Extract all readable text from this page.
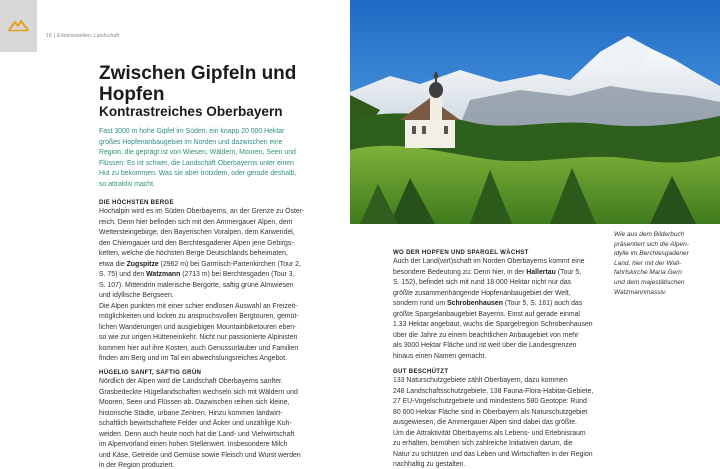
16 | Erlebniswelten: Landschaft
Zwischen Gipfeln und
Hopfen
Kontrastreiches Oberbayern
Fast 3000 m hohe Gipfel im Süden, ein knapp 20 000 Hektar
großes Hopfenanbaugebiet im Norden und dazwischen eine
Region, die geprägt ist von Wiesen, Wäldern, Mooren, Seen und
Flüssen: Es ist schwer, die Landschaft Oberbayerns unter einen
Hut zu bekommen. Was sie aber trotzdem, oder gerade deshalb,
so attraktiv macht.
DIE HÖCHSTEN BERGE
Hochalpin wird es im Süden Oberbayerns, an der Grenze zu Öster-
reich. Denn hier befinden sich mit den Ammergauer Alpen, dem
Wettersteingebirge, den Bayerischen Voralpen, dem Karwendel,
den Chiemgauer und den Berchtesgadener Alpen jene Gebirgs-
ketten, welche die höchsten Berge Deutschlands beheimaten,
etwa die Zugspitze (2962 m) bei Garmisch-Partenkirchen (Tour 2,
S. 75) und den Watzmann (2713 m) bei Berchtesgaden (Tour 3,
S. 107). Mittendrin malerische Bergorte, saftig grüne Almwiesen
und idyllische Bergseen.
Die Alpen punkten mit einer schier endlosen Auswahl an Freizeit-
möglichkeiten und locken zu anspruchsvollen Bergtouren, gemüt-
lichen Wanderungen und ausgiebigen Mountainbiketouren eben-
so wie zur urigen Hütteneinkehr. Nicht nur passionierte Alpinisten
kommen hier auf ihre Kosten, auch Genussurlauber und Familien
finden am Berg und im Tal ein abwechslungsreiches Angebot.
HÜGELIG SANFT, SAFTIG GRÜN
Nördlich der Alpen wird die Landschaft Oberbayerns sanfter.
Grasbedeckte Hügellandschaften wechseln sich mit Wäldern und
Mooren, Seen und Flüssen ab. Dazwischen reihen sich kleine,
historische Städte, urbane Zentren. Hinzu kommen landwirt-
schaftlich bewirtschaftete Felder und Äcker und unzählige Kuh-
weiden. Denn auch heute noch hat die Land- und Viehwirtschaft
im Alpenvorland einen hohen Stellenwert. Insbesondere Milch
und Käse, Getreide und Gemüse sowie Fleisch und Wurst werden
in der Region produziert.
Wie aus dem Bilderbuch
präsentiert sich die Alpen-
idylle im Berchtesgadener
Land, hier mit der Wall-
fahrtskirche Maria Gern
und dem majestätischen
Watzmannmassiv.
WO DER HOPFEN UND SPARGEL WÄCHST
Auch der Land(wirt)schaft im Norden Oberbayerns kommt eine
besondere Bedeutung zu: Denn hier, in der Hallertau (Tour 5,
S. 152), befindet sich mit rund 18 000 Hektar nicht nur das
größte zusammenhängende Hopfenanbaugebiet der Welt,
sondern rund um Schrobenhausen (Tour 5, S. 161) auch das
größte Spargelanbaugebiet Bayerns. Einst auf gerade einmal
1,33 Hektar angebaut, wuchs die Spargelregion Schrobenhausen
über die Jahre zu einem beachtlichen Anbaugebiet von mehr
als 3000 Hektar Fläche und ist weit über die Landesgrenzen
hinaus einen Namen gemacht.
GUT BESCHÜTZT
133 Naturschutzgebiete zählt Oberbayern, dazu kommen
248 Landschaftsschutzgebiete, 138 Fauna-Flora-Habitat-Gebiete,
27 EU-Vogelschutzgebiete und mindestens 580 Geotope: Rund
80 000 Hektar Fläche sind in Oberbayern als Naturschutzgebiet
ausgewiesen, die Ammergauer Alpen sind dabei das größte.
Um die Attraktivität Oberbayerns als Lebens- und Erlebnisraum
zu erhalten, bemühen sich zahlreiche Initiativen darum, die
Natur zu schützen und das Leben und Wirtschaften in der Region
nachhaltig zu gestalten.
